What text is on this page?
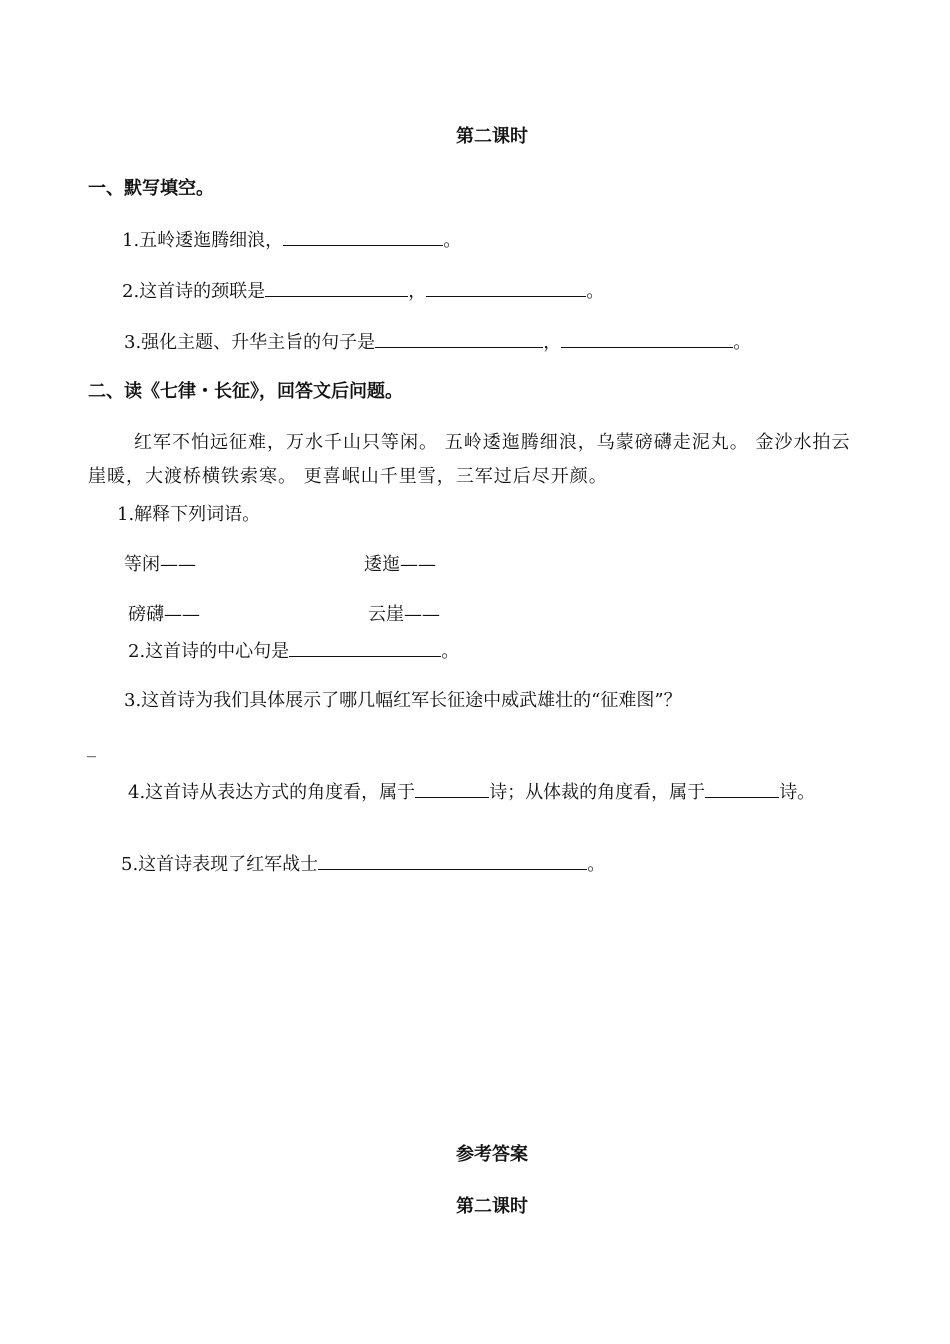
第二课时
一、默写填空。
1.五岭逶迤腾细浪，	。
2.这首诗的颈联是	，	。
3.强化主题、升华主旨的句子是	，	。
二、读《七律・长征》，回答文后问题。
红军不怕远征难，万水千山只等闲。 五岭逶迤腾细浪，乌蒙磅礴走泥丸。 金沙水拍云
崖暖，大渡桥横铁索寒。 更喜岷山千里雪，三军过后尽开颜。
1.解释下列词语。
等闲——	逶迤——
磅礴——	云崖——
2.这首诗的中心句是	。
3.这首诗为我们具体展示了哪几幅红军长征途中威武雄壮的“征难图”？
_
4.这首诗从表达方式的角度看，属于	诗；从体裁的角度看，属于	诗。
5.这首诗表现了红军战士	。
参考答案
第二课时
